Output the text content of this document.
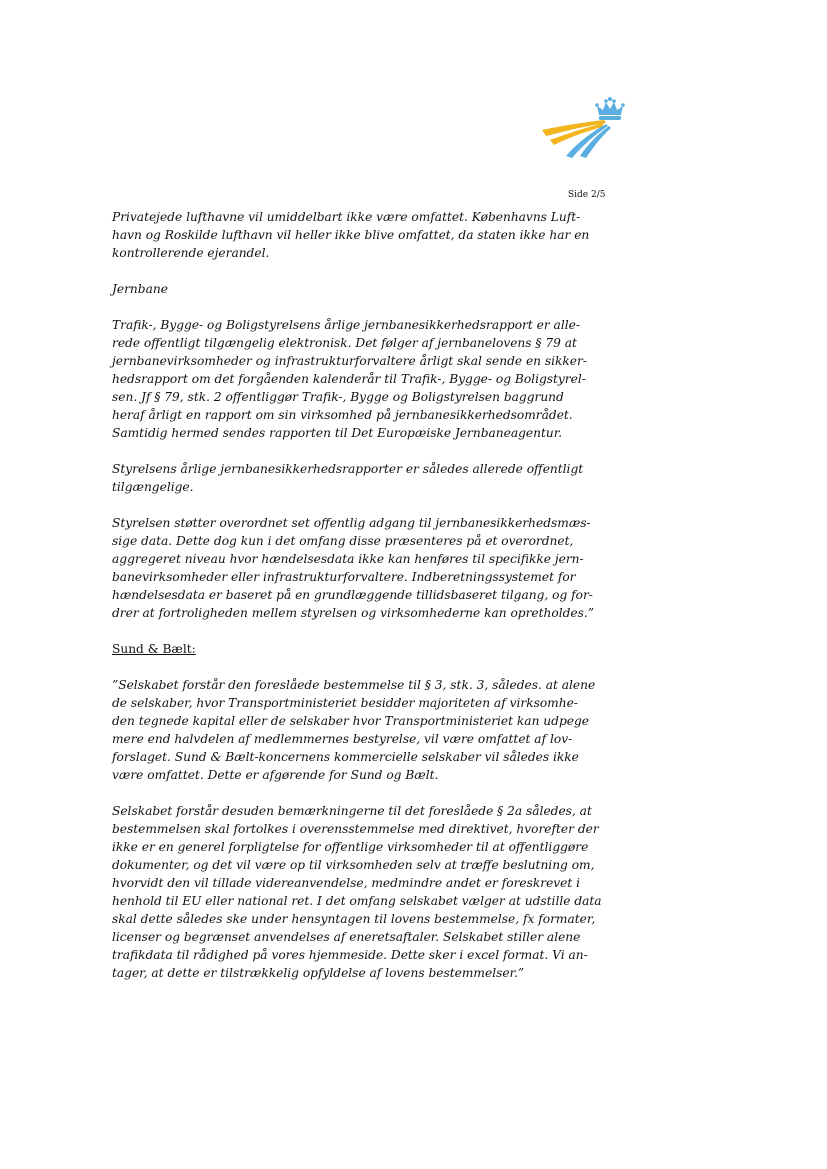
Side 2/5
Privatejede lufthavne vil umiddelbart ikke være omfattet. Københavns Luft-
havn og Roskilde lufthavn vil heller ikke blive omfattet, da staten ikke har en
kontrollerende ejerandel.
Jernbane
Trafik-, Bygge- og Boligstyrelsens årlige jernbanesikkerhedsrapport er alle-
rede offentligt tilgængelig elektronisk. Det følger af jernbanelovens § 79 at
jernbanevirksomheder og infrastrukturforvaltere årligt skal sende en sikker-
hedsrapport om det forgåenden kalenderår til Trafik-, Bygge- og Boligstyrel-
sen. Jf § 79, stk. 2 offentliggør Trafik-, Bygge og Boligstyrelsen baggrund
heraf årligt en rapport om sin virksomhed på jernbanesikkerhedsområdet.
Samtidig hermed sendes rapporten til Det Europæiske Jernbaneagentur.
Styrelsens årlige jernbanesikkerhedsrapporter er således allerede offentligt
tilgængelige.
Styrelsen støtter overordnet set offentlig adgang til jernbanesikkerhedsmæs-
sige data. Dette dog kun i det omfang disse præsenteres på et overordnet,
aggregeret niveau hvor hændelsesdata ikke kan henføres til specifikke jern-
banevirksomheder eller infrastrukturforvaltere. Indberetningssystemet for
hændelsesdata er baseret på en grundlæggende tillidsbaseret tilgang, og for-
drer at fortroligheden mellem styrelsen og virksomhederne kan opretholdes.”
Sund & Bælt:
”Selskabet forstår den foreslåede bestemmelse til § 3, stk. 3, således. at alene
de selskaber, hvor Transportministeriet besidder majoriteten af virksomhe-
den tegnede kapital eller de selskaber hvor Transportministeriet kan udpege
mere end halvdelen af medlemmernes bestyrelse, vil være omfattet af lov-
forslaget. Sund & Bælt-koncernens kommercielle selskaber vil således ikke
være omfattet. Dette er afgørende for Sund og Bælt.
Selskabet forstår desuden bemærkningerne til det foreslåede § 2a således, at
bestemmelsen skal fortolkes i overensstemmelse med direktivet, hvorefter der
ikke er en generel forpligtelse for offentlige virksomheder til at offentliggøre
dokumenter, og det vil være op til virksomheden selv at træffe beslutning om,
hvorvidt den vil tillade videreanvendelse, medmindre andet er foreskrevet i
henhold til EU eller national ret. I det omfang selskabet vælger at udstille data
skal dette således ske under hensyntagen til lovens bestemmelse, fx formater,
licenser og begrænset anvendelses af eneretsaftaler. Selskabet stiller alene
trafikdata til rådighed på vores hjemmeside. Dette sker i excel format. Vi an-
tager, at dette er tilstrækkelig opfyldelse af lovens bestemmelser.”
